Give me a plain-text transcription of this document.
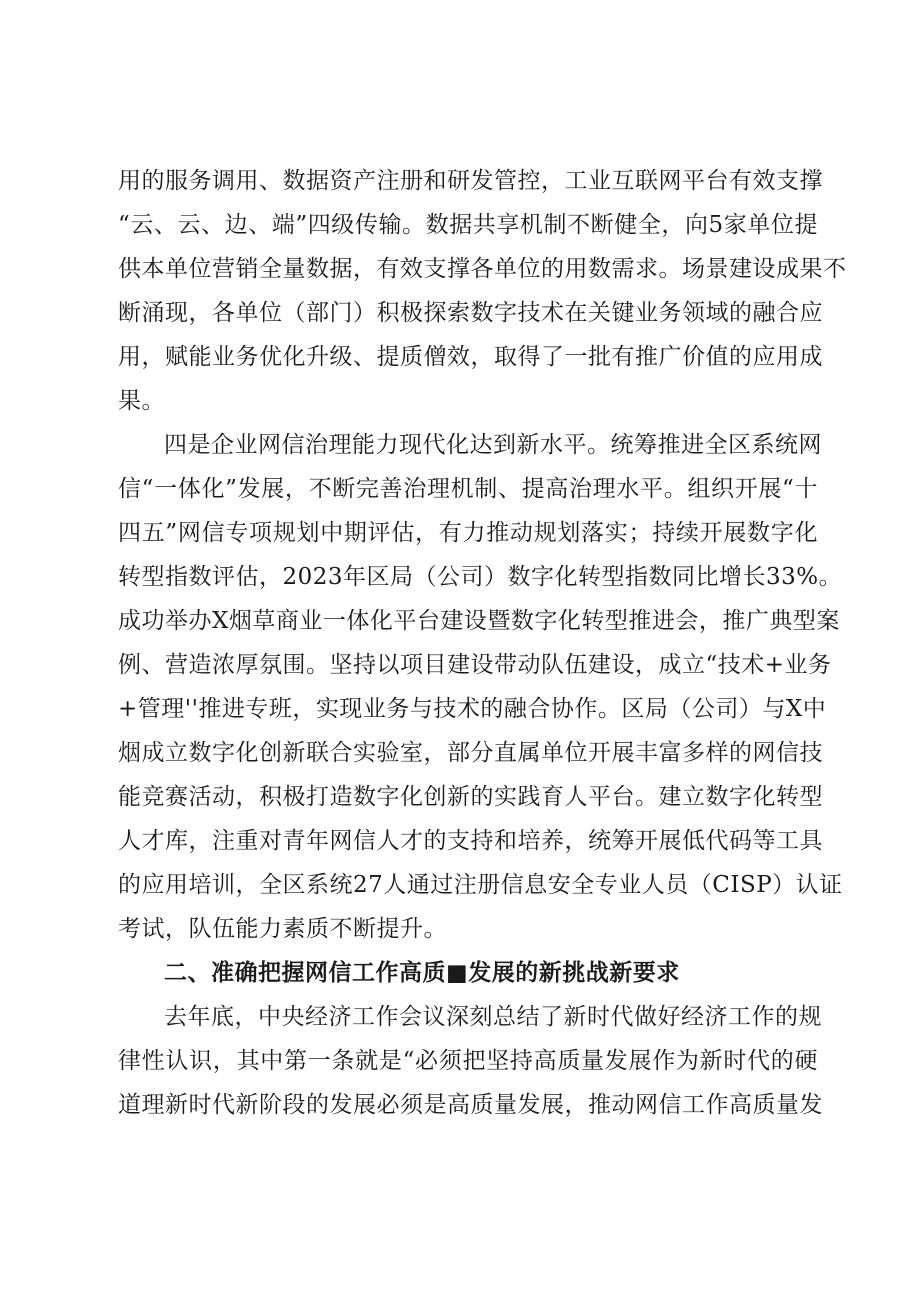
用的服务调用、数据资产注册和研发管控，工业互联网平台有效支撑
“云、云、边、端”四级传输。数据共享机制不断健全，向5家单位提
供本单位营销全量数据，有效支撑各单位的用数需求。场景建设成果不
断涌现，各单位（部门）积极探索数字技术在关键业务领域的融合应
用，赋能业务优化升级、提质僧效，取得了一批有推广价值的应用成
果。
四是企业网信治理能力现代化达到新水平。统筹推进全区系统网
信“一体化”发展，不断完善治理机制、提高治理水平。组织开展“十
四五”网信专项规划中期评估，有力推动规划落实；持续开展数字化
转型指数评估，2023年区局（公司）数字化转型指数同比增长33%。
成功举办X烟草商业一体化平台建设暨数字化转型推进会，推广典型案
例、营造浓厚氛围。坚持以项目建设带动队伍建设，成立“技术+业务
+管理''推进专班，实现业务与技术的融合协作。区局（公司）与X中
烟成立数字化创新联合实验室，部分直属单位开展丰富多样的网信技
能竞赛活动，积极打造数字化创新的实践育人平台。建立数字化转型
人才库，注重对青年网信人才的支持和培养，统筹开展低代码等工具
的应用培训，全区系统27人通过注册信息安全专业人员（CISP）认证
考试，队伍能力素质不断提升。
二、准确把握网信工作高质■发展的新挑战新要求
去年底，中央经济工作会议深刻总结了新时代做好经济工作的规
律性认识，其中第一条就是“必须把坚持高质量发展作为新时代的硬
道理新时代新阶段的发展必须是高质量发展，推动网信工作高质量发
